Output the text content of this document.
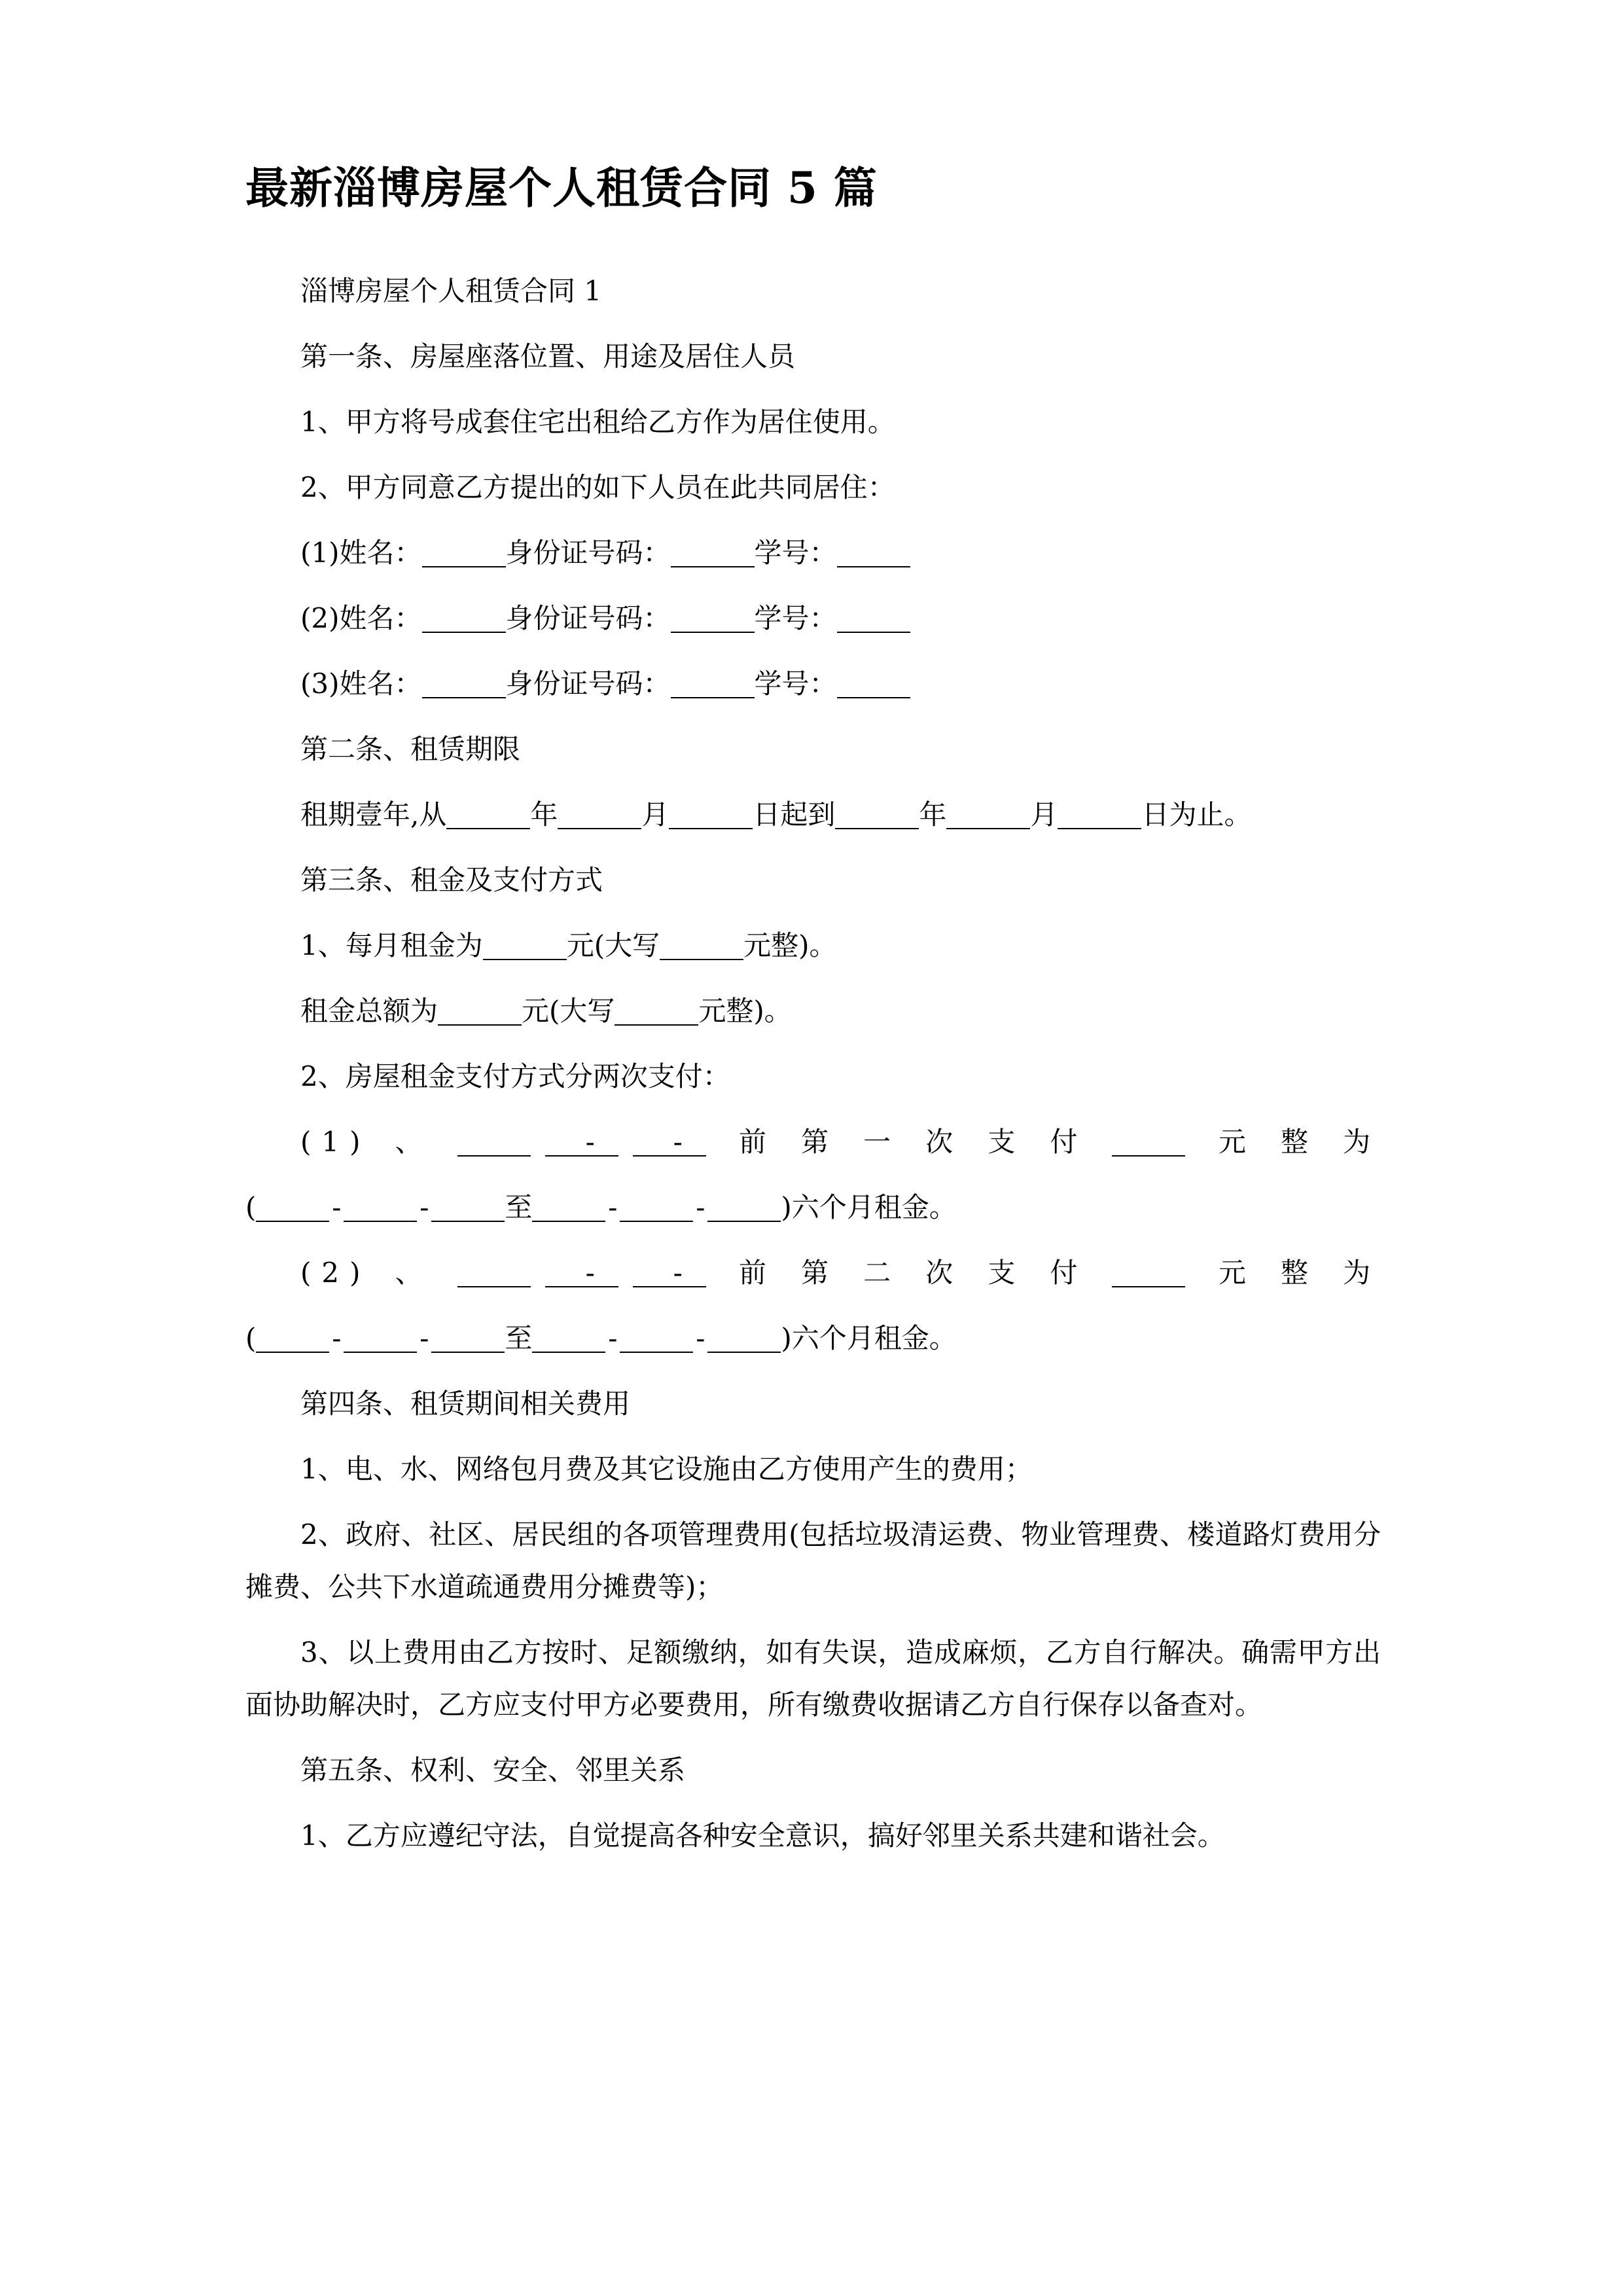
最新淄博房屋个人租赁合同 5 篇

淄博房屋个人租赁合同 1

第一条、房屋座落位置、用途及居住人员

1、甲方将号成套住宅出租给乙方作为居住使用。

2、甲方同意乙方提出的如下人员在此共同居住：

(1)姓名：	身份证号码：	学号：

(2)姓名：	身份证号码：	学号：

(3)姓名：	身份证号码：	学号：

第二条、租赁期限

租期壹年,从	年	月	日起到	年	月	日为止。

第三条、租金及支付方式

1、每月租金为	元(大写	元整)。

租金总额为	元(大写	元整)。

2、房屋租金支付方式分两次支付：

(1)、	-	- 前第一次支付	元整为

(	-	-	至	-	-	)六个月租金。

(2)、	-	- 前第二次支付	元整为

(	-	-	至	-	-	)六个月租金。

第四条、租赁期间相关费用

1、电、水、网络包月费及其它设施由乙方使用产生的费用；

2、政府、社区、居民组的各项管理费用(包括垃圾清运费、物业管理费、楼道路灯费用分摊费、公共下水道疏通费用分摊费等)；

3、以上费用由乙方按时、足额缴纳，如有失误，造成麻烦，乙方自行解决。确需甲方出面协助解决时，乙方应支付甲方必要费用，所有缴费收据请乙方自行保存以备查对。

第五条、权利、安全、邻里关系

1、乙方应遵纪守法，自觉提高各种安全意识，搞好邻里关系共建和谐社会。
